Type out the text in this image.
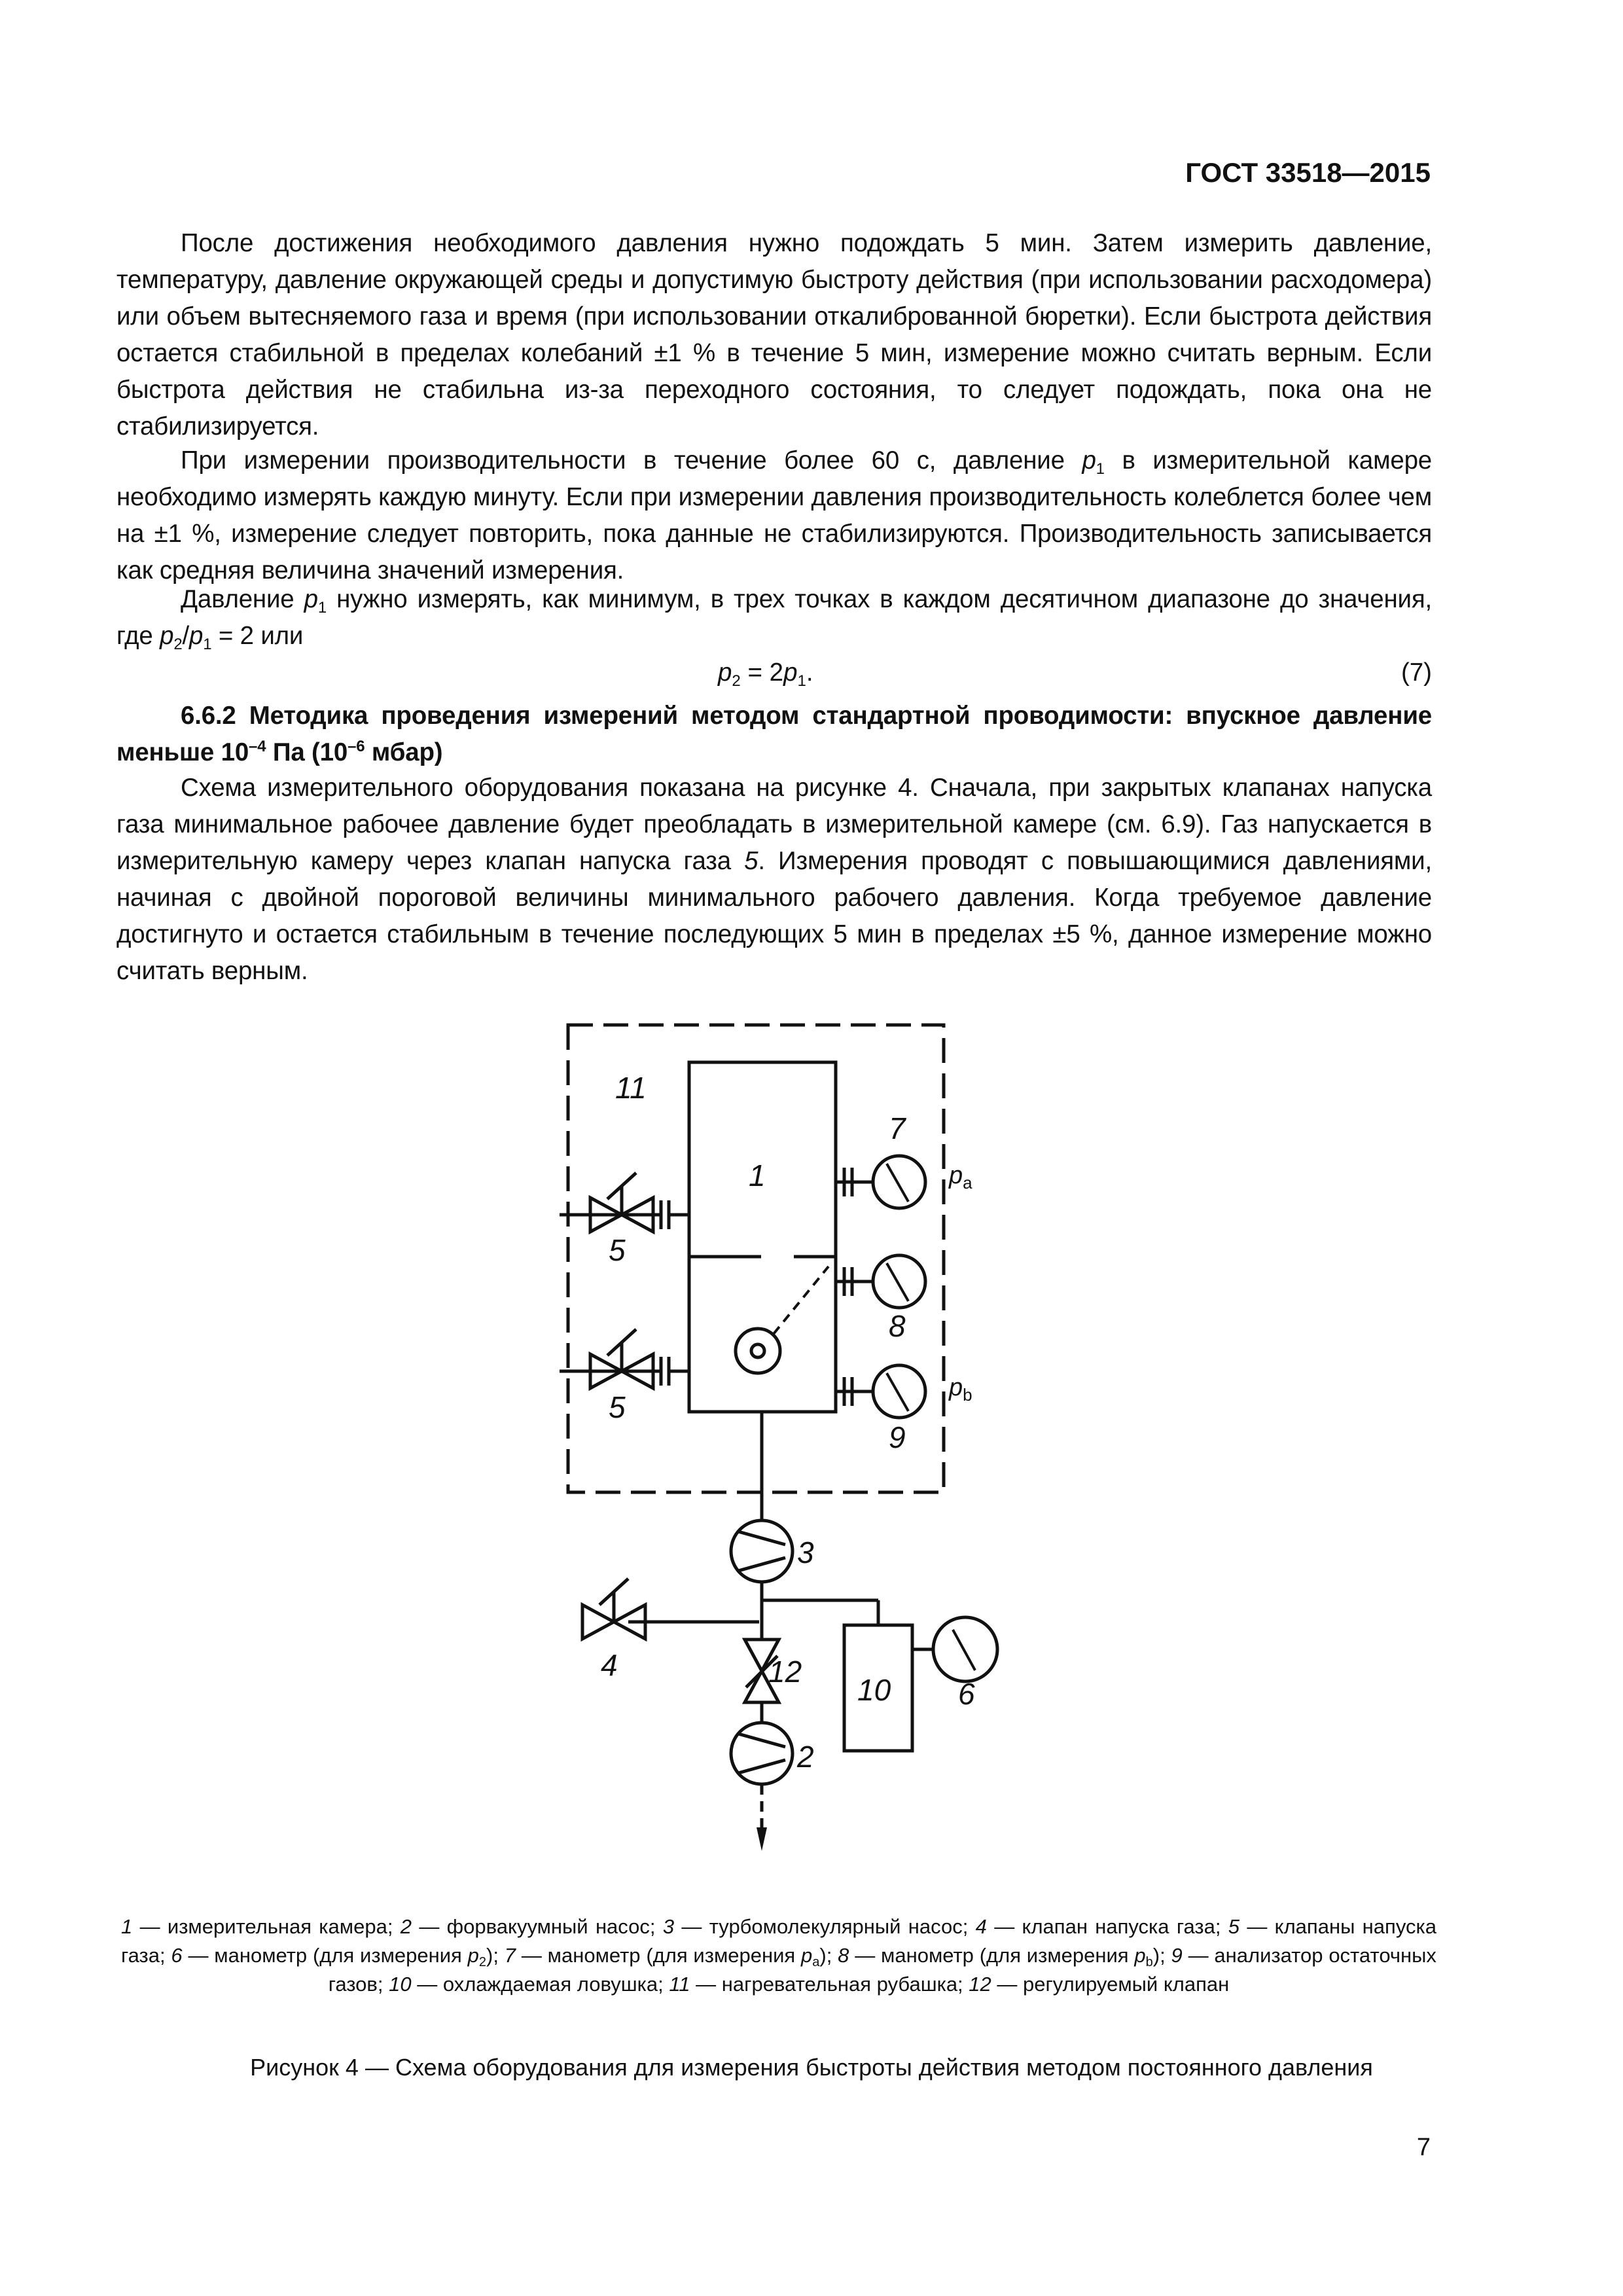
ГОСТ 33518—2015

После достижения необходимого давления нужно подождать 5 мин. Затем измерить давление, температуру, давление окружающей среды и допустимую быстроту действия (при использовании расходомера) или объем вытесняемого газа и время (при использовании откалиброванной бюретки). Если быстрота действия остается стабильной в пределах колебаний ±1 % в течение 5 мин, измерение можно считать верным. Если быстрота действия не стабильна из-за переходного состояния, то следует подождать, пока она не стабилизируется.

При измерении производительности в течение более 60 с, давление $p_1$ в измерительной камере необходимо измерять каждую минуту. Если при измерении давления производительность колеблется более чем на ±1 %, измерение следует повторить, пока данные не стабилизируются. Производительность записывается как средняя величина значений измерения.

Давление $p_1$ нужно измерять, как минимум, в трех точках в каждом десятичном диапазоне до значения, где $p_2/p_1 = 2$ или

$p_2 = 2p_1$.	(7)

6.6.2 Методика проведения измерений методом стандартной проводимости: впускное давление меньше $10^{-4}$ Па ($10^{-6}$ мбар)

Схема измерительного оборудования показана на рисунке 4. Сначала, при закрытых клапанах напуска газа минимальное рабочее давление будет преобладать в измерительной камере (см. 6.9). Газ напускается в измерительную камеру через клапан напуска газа 5. Измерения проводят с повышающимися давлениями, начиная с двойной пороговой величины минимального рабочего давления. Когда требуемое давление достигнуто и остается стабильным в течение последующих 5 мин в пределах ±5 %, данное измерение можно считать верным.

11
1
7
8
9
5
5
3
2
4	12
10 6
$p_a$
$p_b$

1 — измерительная камера; 2 — форвакуумный насос; 3 — турбомолекулярный насос; 4 — клапан напуска газа; 5 — клапаны напуска газа; 6 — манометр (для измерения $p_2$); 7 — манометр (для измерения $p_a$); 8 — манометр (для измерения $p_b$); 9 — анализатор остаточных газов; 10 — охлаждаемая ловушка; 11 — нагревательная рубашка; 12 — регулируемый клапан

Рисунок 4 — Схема оборудования для измерения быстроты действия методом постоянного давления
7
